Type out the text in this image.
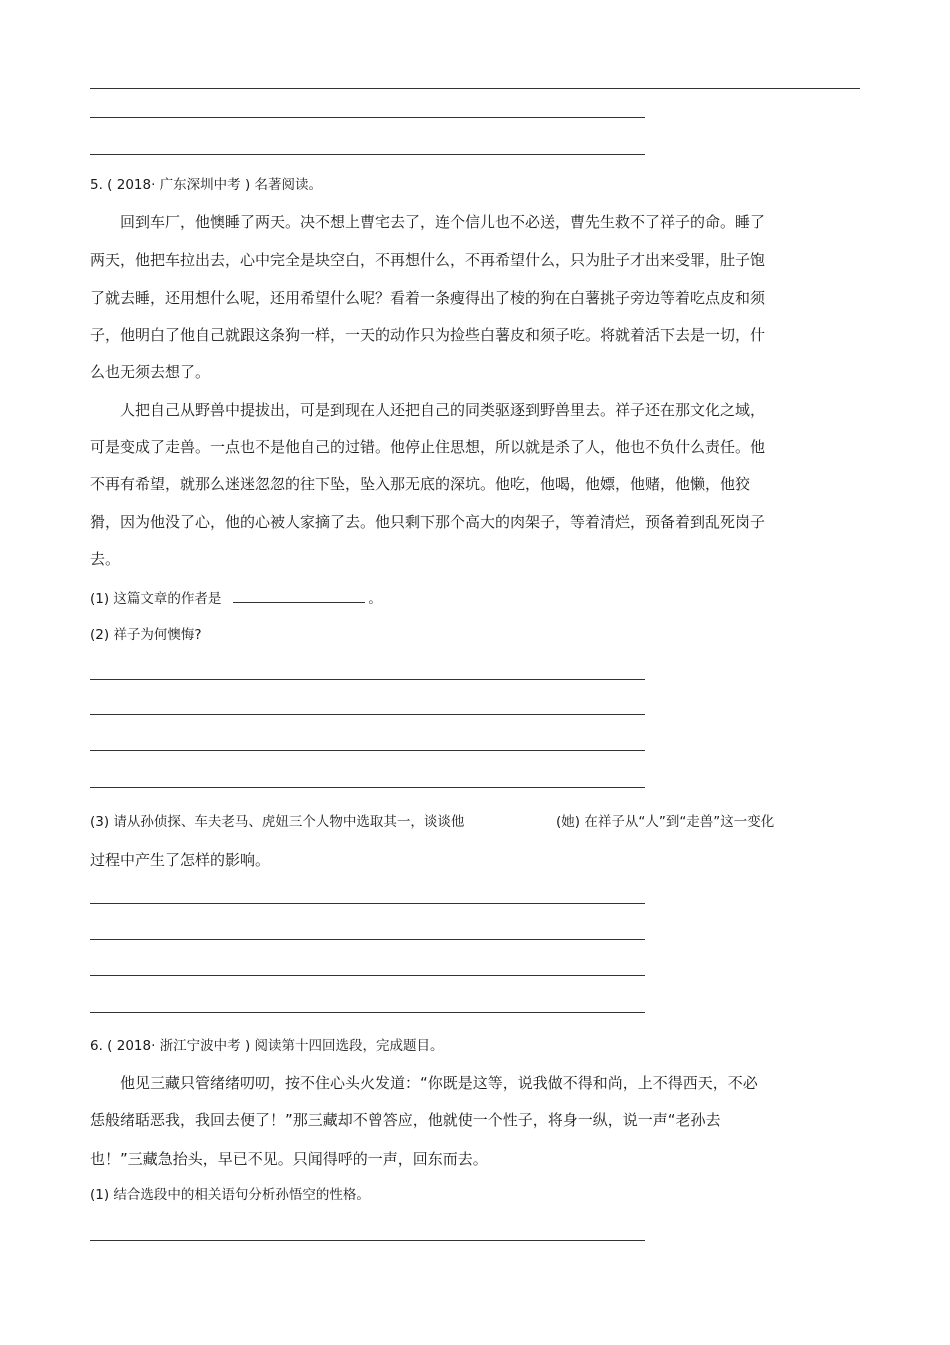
5. ( 2018· 广东深圳中考 ) 名著阅读。
回到车厂，他懊睡了两天。决不想上曹宅去了，连个信儿也不必送，曹先生救不了祥子的命。睡了
两天，他把车拉出去，心中完全是块空白，不再想什么，不再希望什么，只为肚子才出来受罪，肚子饱
了就去睡，还用想什么呢，还用希望什么呢？看着一条瘦得出了棱的狗在白薯挑子旁边等着吃点皮和须
子，他明白了他自己就跟这条狗一样，一天的动作只为捡些白薯皮和须子吃。将就着活下去是一切，什
么也无须去想了。
人把自己从野兽中提拔出，可是到现在人还把自己的同类驱逐到野兽里去。祥子还在那文化之域，
可是变成了走兽。一点也不是他自己的过错。他停止住思想，所以就是杀了人，他也不负什么责任。他
不再有希望，就那么迷迷忽忽的往下坠，坠入那无底的深坑。他吃，他喝，他嫖，他赌，他懒，他狡
猾，因为他没了心，他的心被人家摘了去。他只剩下那个高大的肉架子，等着清烂，预备着到乱死岗子
去。
(1) 这篇文章的作者是	。
(2) 祥子为何懊悔?
(3) 请从孙侦探、车夫老马、虎妞三个人物中选取其一，谈谈他	(她) 在祥子从“人”到“走兽”这一变化
过程中产生了怎样的影响。
6. ( 2018· 浙江宁波中考 ) 阅读第十四回选段，完成题目。
他见三藏只管绪绪叨叨，按不住心头火发道：“你既是这等，说我做不得和尚，上不得西天，不必
恁般绪聒恶我，我回去便了！”那三藏却不曾答应，他就使一个性子，将身一纵，说一声“老孙去
也！”三藏急抬头，早已不见。只闻得呼的一声，回东而去。
(1) 结合选段中的相关语句分析孙悟空的性格。
